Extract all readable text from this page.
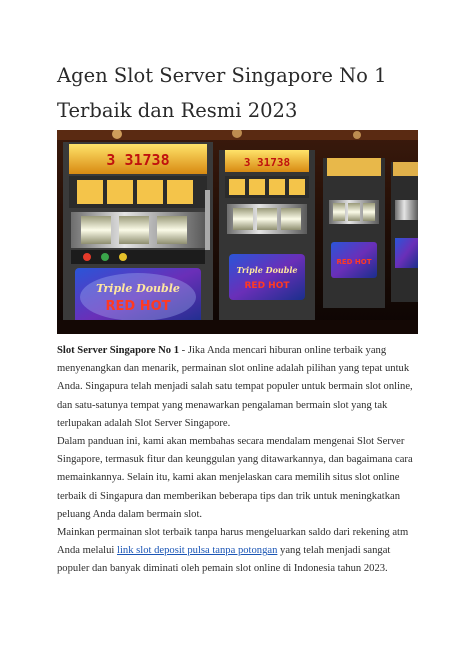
Agen Slot Server Singapore No 1 Terbaik dan Resmi 2023
3 31738
Triple Double
RED HOT
3 31738
Triple Double
RED HOT
RED HOT

Slot Server Singapore No 1 - Jika Anda mencari hiburan online terbaik yang menyenangkan dan menarik, permainan slot online adalah pilihan yang tepat untuk Anda. Singapura telah menjadi salah satu tempat populer untuk bermain slot online, dan satu-satunya tempat yang menawarkan pengalaman bermain slot yang tak terlupakan adalah Slot Server Singapore.

Dalam panduan ini, kami akan membahas secara mendalam mengenai Slot Server Singapore, termasuk fitur dan keunggulan yang ditawarkannya, dan bagaimana cara memainkannya. Selain itu, kami akan menjelaskan cara memilih situs slot online terbaik di Singapura dan memberikan beberapa tips dan trik untuk meningkatkan peluang Anda dalam bermain slot.

Mainkan permainan slot terbaik tanpa harus mengeluarkan saldo dari rekening atm Anda melalui link slot deposit pulsa tanpa potongan yang telah menjadi sangat populer dan banyak diminati oleh pemain slot online di Indonesia tahun 2023.
